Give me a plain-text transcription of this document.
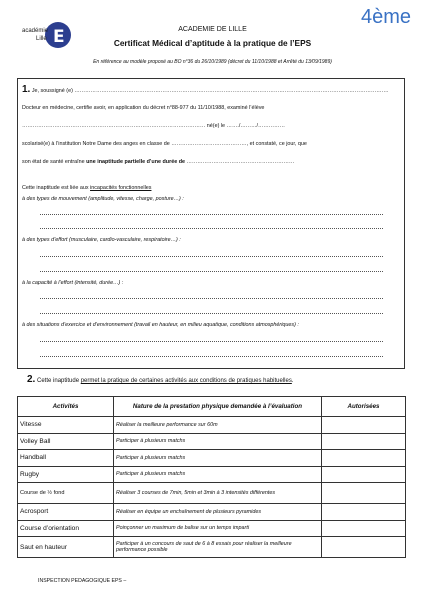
E
académie
Lille
4ème
ACADEMIE DE LILLE
Certificat Médical d’aptitude à la pratique de l’EPS
En référence au modèle proposé au BO n°36 du 26/10/1989 (décret du 11/10/1988 et Arrêté du 13/09/1989)
1. Je, soussigné (e) ………………………………………………………………………………………………………………………………………………………….
Docteur en médecine, certifie avoir, en application du décret n°88-977 du 11/10/1988, examiné l’élève
………………………………………………………………………………………… né(e) le ……./………/……………
scolarisé(e) à l’institution Notre Dame des anges en classe de ……………………………………, et constaté, ce jour, que
son état de santé entraîne une inaptitude partielle d’une durée de ……………………………………………………
Cette inaptitude est liée aux incapacités fonctionnelles
à des types de mouvement (amplitude, vitesse, charge, posture…) :
à des types d’effort (musculaire, cardio-vasculaire, respiratoire…) :
à la capacité à l’effort (intensité, durée…) :
à des situations d’exercice et d’environnement (travail en hauteur, en milieu aquatique, conditions atmosphériques) :
2. Cette inaptitude permet la pratique de certaines activités aux conditions de pratiques habituelles.
Activités	Nature de la prestation physique demandée à l’évaluation	Autorisées
Vitesse	Réaliser la meilleure performance sur 60m	
Volley Ball	Participer à plusieurs matchs	
Handball	Participer à plusieurs matchs	
Rugby	Participer à plusieurs matchs	
Course de ½ fond	Réaliser 3 courses de 7min, 5min et 3min à 3 intensités différentes	
Acrosport	Réaliser en équipe un enchaînement de plusieurs pyramides	
Course d’orientation	Poinçonner un maximum de balise sur un temps imparti	
Saut en hauteur	Participer à un concours de saut de 6 à 8 essais pour réaliser la meilleure performance possible	
INSPECTION PEDAGOGIQUE EPS –
